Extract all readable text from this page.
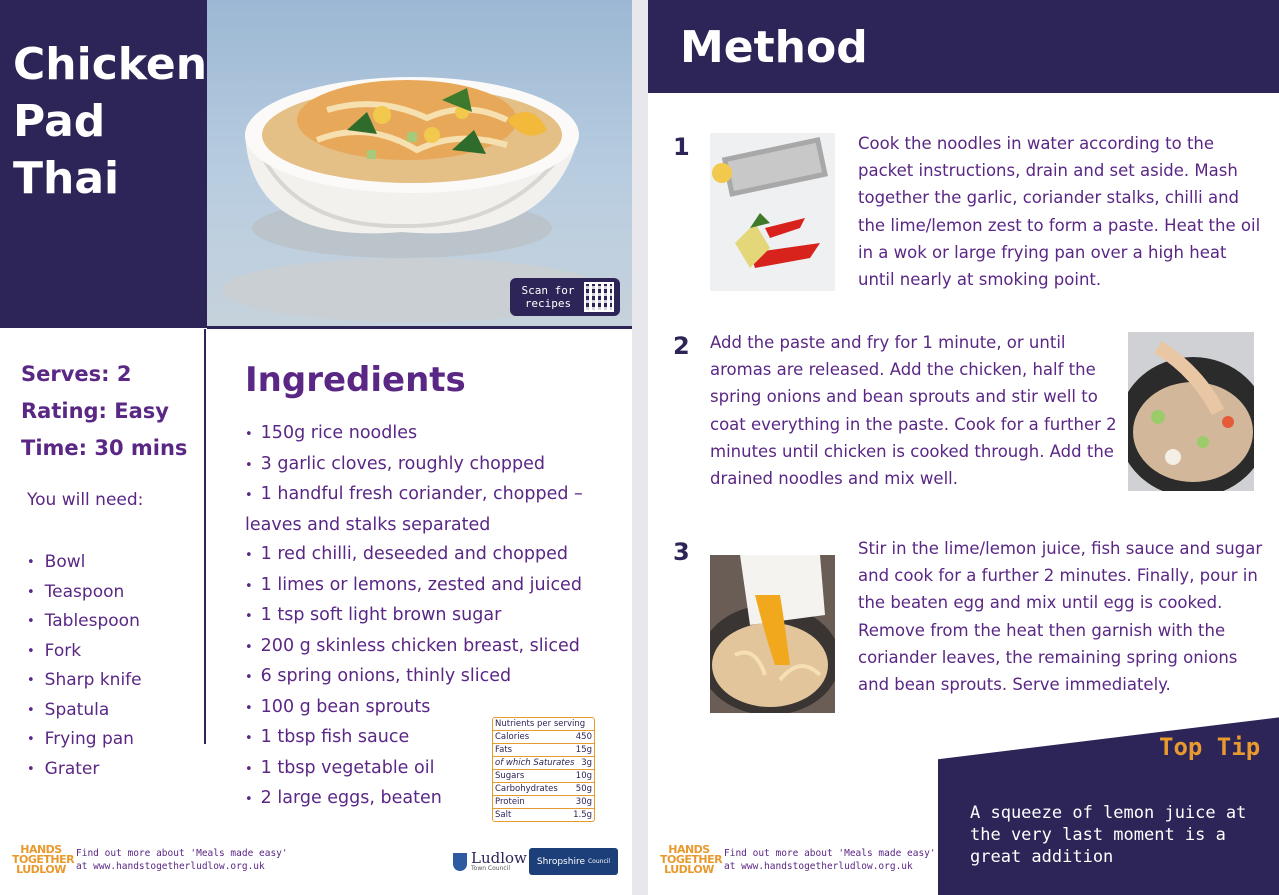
Chicken
Pad
Thai
Scan for recipes
Serves: 2
Rating: Easy
Time: 30 mins
You will need:
• Bowl
• Teaspoon
• Tablespoon
• Fork
• Sharp knife
• Spatula
• Frying pan
• Grater
Ingredients
• 150g rice noodles
• 3 garlic cloves, roughly chopped
• 1 handful fresh coriander, chopped – leaves and stalks separated
• 1 red chilli, deseeded and chopped
• 1 limes or lemons, zested and juiced
• 1 tsp soft light brown sugar
• 200 g skinless chicken breast, sliced
• 6 spring onions, thinly sliced
• 100 g bean sprouts
• 1 tbsp fish sauce
• 1 tbsp vegetable oil
• 2 large eggs, beaten
Nutrients per serving
Calories	450
Fats	15g
of which Saturates 3g
Sugars	10g
Carbohydrates 50g
Protein	30g
Salt	1.5g
HANDS
TOGETHER
LUDLOW
Find out more about 'Meals made easy'
at www.handstogetherludlow.org.uk	Ludlow
Town Council
Shropshire Council
Method
1	Cook the noodles in water according to the packet instructions, drain and set aside. Mash together the garlic, coriander stalks, chilli and the lime/lemon zest to form a paste. Heat the oil in a wok or large frying pan over a high heat until nearly at smoking point.
2 Add the paste and fry for 1 minute, or until aromas are released. Add the chicken, half the spring onions and bean sprouts and stir well to coat everything in the paste. Cook for a further 2 minutes until chicken is cooked through. Add the drained noodles and mix well.
3	Stir in the lime/lemon juice, fish sauce and sugar and cook for a further 2 minutes. Finally, pour in the beaten egg and mix until egg is cooked. Remove from the heat then garnish with the coriander leaves, the remaining spring onions and bean sprouts. Serve immediately.
Top Tip
A squeeze of lemon juice at the very last moment is a great addition
HANDS
TOGETHER
LUDLOW
Find out more about 'Meals made easy'
at www.handstogetherludlow.org.uk
